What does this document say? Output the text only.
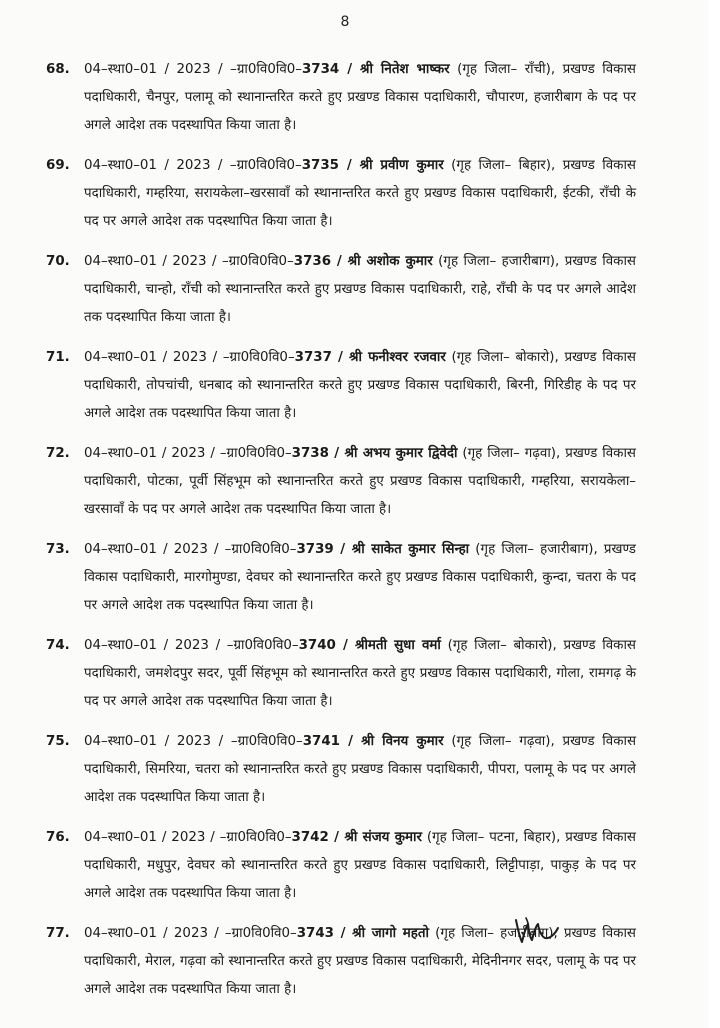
8
68. 04–स्था0–01 / 2023 / –ग्रा0वि0वि0–3734 / श्री नितेश भाष्कर (गृह जिला– राँची), प्रखण्ड विकास पदाधिकारी, चैनपुर, पलामू को स्थानान्तरित करते हुए प्रखण्ड विकास पदाधिकारी, चौपारण, हजारीबाग के पद पर अगले आदेश तक पदस्थापित किया जाता है।
69. 04–स्था0–01 / 2023 / –ग्रा0वि0वि0–3735 / श्री प्रवीण कुमार (गृह जिला– बिहार), प्रखण्ड विकास पदाधिकारी, गम्हरिया, सरायकेला–खरसावाँ को स्थानान्तरित करते हुए प्रखण्ड विकास पदाधिकारी, ईटकी, राँची के पद पर अगले आदेश तक पदस्थापित किया जाता है।
70. 04–स्था0–01 / 2023 / –ग्रा0वि0वि0–3736 / श्री अशोक कुमार (गृह जिला– हजारीबाग), प्रखण्ड विकास पदाधिकारी, चान्हो, राँची को स्थानान्तरित करते हुए प्रखण्ड विकास पदाधिकारी, राहे, राँची के पद पर अगले आदेश तक पदस्थापित किया जाता है।
71. 04–स्था0–01 / 2023 / –ग्रा0वि0वि0–3737 / श्री फनीश्वर रजवार (गृह जिला– बोकारो), प्रखण्ड विकास पदाधिकारी, तोपचांची, धनबाद को स्थानान्तरित करते हुए प्रखण्ड विकास पदाधिकारी, बिरनी, गिरिडीह के पद पर अगले आदेश तक पदस्थापित किया जाता है।
72. 04–स्था0–01 / 2023 / –ग्रा0वि0वि0–3738 / श्री अभय कुमार द्विवेदी (गृह जिला– गढ़वा), प्रखण्ड विकास पदाधिकारी, पोटका, पूर्वी सिंहभूम को स्थानान्तरित करते हुए प्रखण्ड विकास पदाधिकारी, गम्हरिया, सरायकेला–खरसावाँ के पद पर अगले आदेश तक पदस्थापित किया जाता है।
73. 04–स्था0–01 / 2023 / –ग्रा0वि0वि0–3739 / श्री साकेत कुमार सिन्हा (गृह जिला– हजारीबाग), प्रखण्ड विकास पदाधिकारी, मारगोमुण्डा, देवघर को स्थानान्तरित करते हुए प्रखण्ड विकास पदाधिकारी, कुन्दा, चतरा के पद पर अगले आदेश तक पदस्थापित किया जाता है।
74. 04–स्था0–01 / 2023 / –ग्रा0वि0वि0–3740 / श्रीमती सुधा वर्मा (गृह जिला– बोकारो), प्रखण्ड विकास पदाधिकारी, जमशेदपुर सदर, पूर्वी सिंहभूम को स्थानान्तरित करते हुए प्रखण्ड विकास पदाधिकारी, गोला, रामगढ़ के पद पर अगले आदेश तक पदस्थापित किया जाता है।
75. 04–स्था0–01 / 2023 / –ग्रा0वि0वि0–3741 / श्री विनय कुमार (गृह जिला– गढ़वा), प्रखण्ड विकास पदाधिकारी, सिमरिया, चतरा को स्थानान्तरित करते हुए प्रखण्ड विकास पदाधिकारी, पीपरा, पलामू के पद पर अगले आदेश तक पदस्थापित किया जाता है।
76. 04–स्था0–01 / 2023 / –ग्रा0वि0वि0–3742 / श्री संजय कुमार (गृह जिला– पटना, बिहार), प्रखण्ड विकास पदाधिकारी, मधुपुर, देवघर को स्थानान्तरित करते हुए प्रखण्ड विकास पदाधिकारी, लिट्टीपाड़ा, पाकुड़ के पद पर अगले आदेश तक पदस्थापित किया जाता है।
77. 04–स्था0–01 / 2023 / –ग्रा0वि0वि0–3743 / श्री जागो महतो (गृह जिला– हजारीबाग), प्रखण्ड विकास पदाधिकारी, मेराल, गढ़वा को स्थानान्तरित करते हुए प्रखण्ड विकास पदाधिकारी, मेदिनीनगर सदर, पलामू के पद पर अगले आदेश तक पदस्थापित किया जाता है।
